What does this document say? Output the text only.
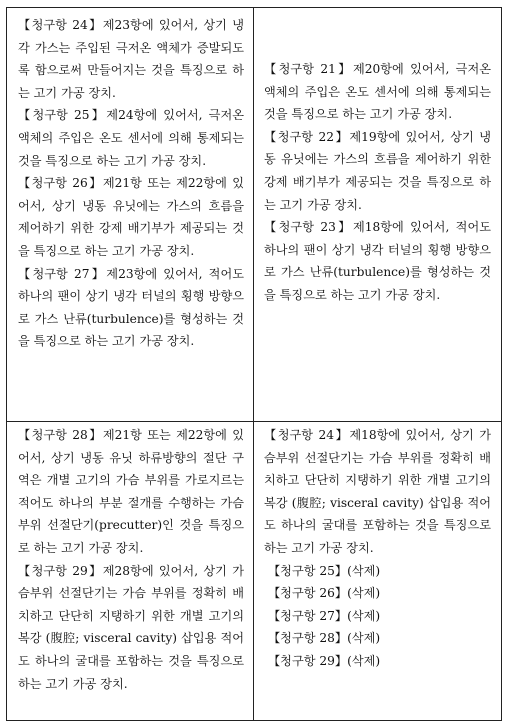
【청구항 24】제23항에 있어서, 상기 냉각 가스는 주입된 극저온 액체가 증발되도록 함으로써 만들어지는 것을 특징으로 하는 고기 가공 장치.

【청구항 25】제24항에 있어서, 극저온 액체의 주입은 온도 센서에 의해 통제되는 것을 특징으로 하는 고기 가공 장치.

【청구항 26】제21항 또는 제22항에 있어서, 상기 냉동 유닛에는 가스의 흐름을 제어하기 위한 강제 배기부가 제공되는 것을 특징으로 하는 고기 가공 장치.

【청구항 27】제23항에 있어서, 적어도 하나의 팬이 상기 냉각 터널의 횡행 방향으로 가스 난류(turbulence)를 형성하는 것을 특징으로 하는 고기 가공 장치.

【청구항 28】제21항 또는 제22항에 있어서, 상기 냉동 유닛 하류방향의 절단 구역은 개별 고기의 가슴 부위를 가로지르는 적어도 하나의 부분 절개를 수행하는 가슴부위 선절단기(precutter)인 것을 특징으로 하는 고기 가공 장치.

【청구항 29】제28항에 있어서, 상기 가슴부위 선절단기는 가슴 부위를 정확히 배치하고 단단히 지탱하기 위한 개별 고기의 복강 (腹腔; visceral cavity) 삽입용 적어도 하나의 굴대를 포함하는 것을 특징으로 하는 고기 가공 장치.

【청구항 21】제20항에 있어서, 극저온 액체의 주입은 온도 센서에 의해 통제되는 것을 특징으로 하는 고기 가공 장치.

【청구항 22】제19항에 있어서, 상기 냉동 유닛에는 가스의 흐름을 제어하기 위한 강제 배기부가 제공되는 것을 특징으로 하는 고기 가공 장치.

【청구항 23】제18항에 있어서, 적어도 하나의 팬이 상기 냉각 터널의 횡행 방향으로 가스 난류(turbulence)를 형성하는 것을 특징으로 하는 고기 가공 장치.

【청구항 24】제18항에 있어서, 상기 가슴부위 선절단기는 가슴 부위를 정확히 배치하고 단단히 지탱하기 위한 개별 고기의 복강 (腹腔; visceral cavity) 삽입용 적어도 하나의 굴대를 포함하는 것을 특징으로 하는 고기 가공 장치.

【청구항 25】(삭제)

【청구항 26】(삭제)

【청구항 27】(삭제)

【청구항 28】(삭제)

【청구항 29】(삭제)
